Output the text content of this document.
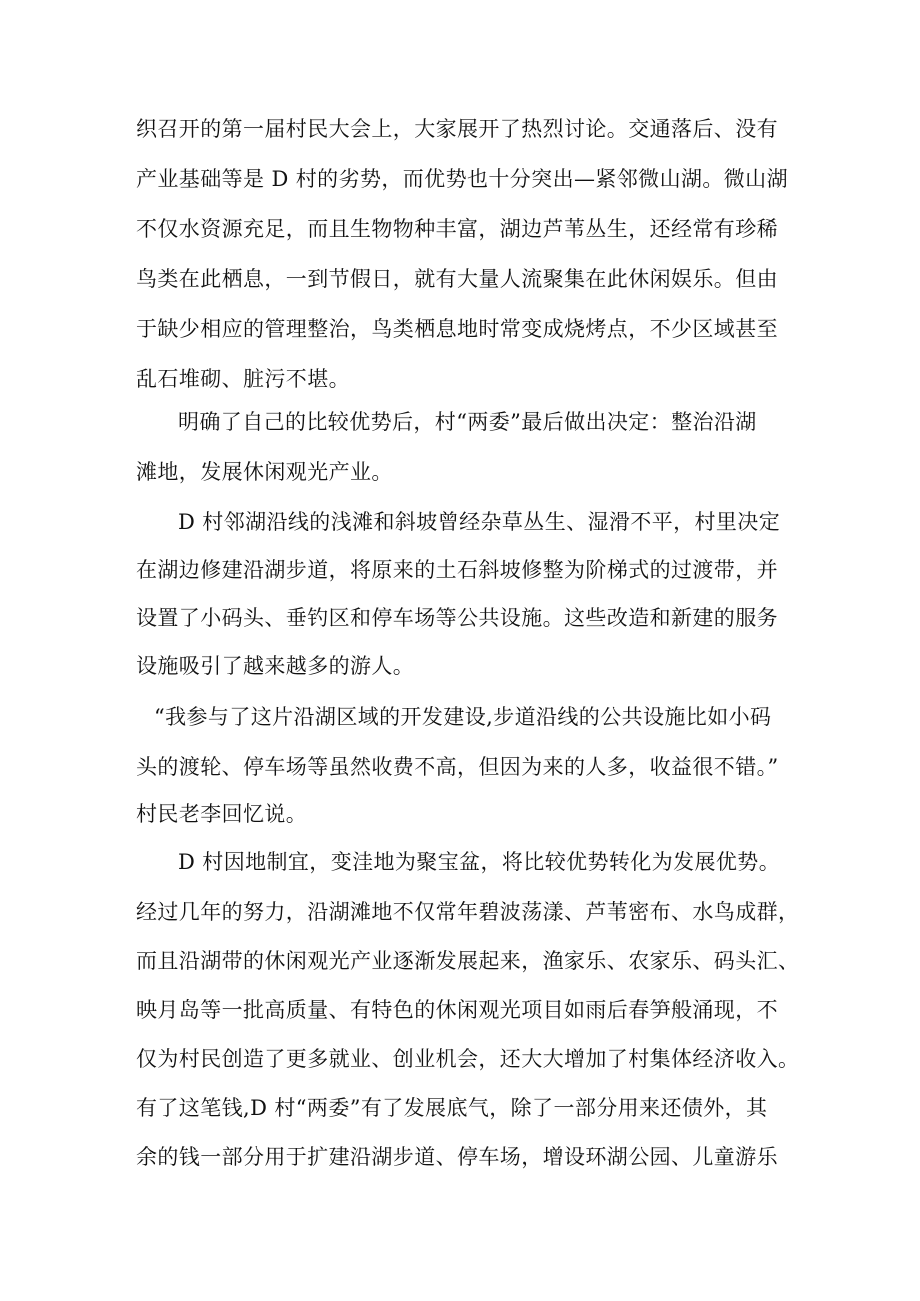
织召开的第一届村民大会上，大家展开了热烈讨论。交通落后、没有
产业基础等是 D 村的劣势，而优势也十分突出—紧邻微山湖。微山湖
不仅水资源充足，而且生物物种丰富，湖边芦苇丛生，还经常有珍稀
鸟类在此栖息，一到节假日，就有大量人流聚集在此休闲娱乐。但由
于缺少相应的管理整治，鸟类栖息地时常变成烧烤点，不少区域甚至
乱石堆砌、脏污不堪。
明确了自己的比较优势后，村“两委”最后做出决定：整治沿湖
滩地，发展休闲观光产业。
D 村邻湖沿线的浅滩和斜坡曾经杂草丛生、湿滑不平，村里决定
在湖边修建沿湖步道，将原来的土石斜坡修整为阶梯式的过渡带，并
设置了小码头、垂钓区和停车场等公共设施。这些改造和新建的服务
设施吸引了越来越多的游人。
“我参与了这片沿湖区域的开发建设,步道沿线的公共设施比如小码
头的渡轮、停车场等虽然收费不高，但因为来的人多，收益很不错。”
村民老李回忆说。
D 村因地制宜，变洼地为聚宝盆，将比较优势转化为发展优势。
经过几年的努力，沿湖滩地不仅常年碧波荡漾、芦苇密布、水鸟成群，
而且沿湖带的休闲观光产业逐渐发展起来，渔家乐、农家乐、码头汇、
映月岛等一批高质量、有特色的休闲观光项目如雨后春笋般涌现，不
仅为村民创造了更多就业、创业机会，还大大增加了村集体经济收入。
有了这笔钱,D 村“两委”有了发展底气，除了一部分用来还债外，其
余的钱一部分用于扩建沿湖步道、停车场，增设环湖公园、儿童游乐
